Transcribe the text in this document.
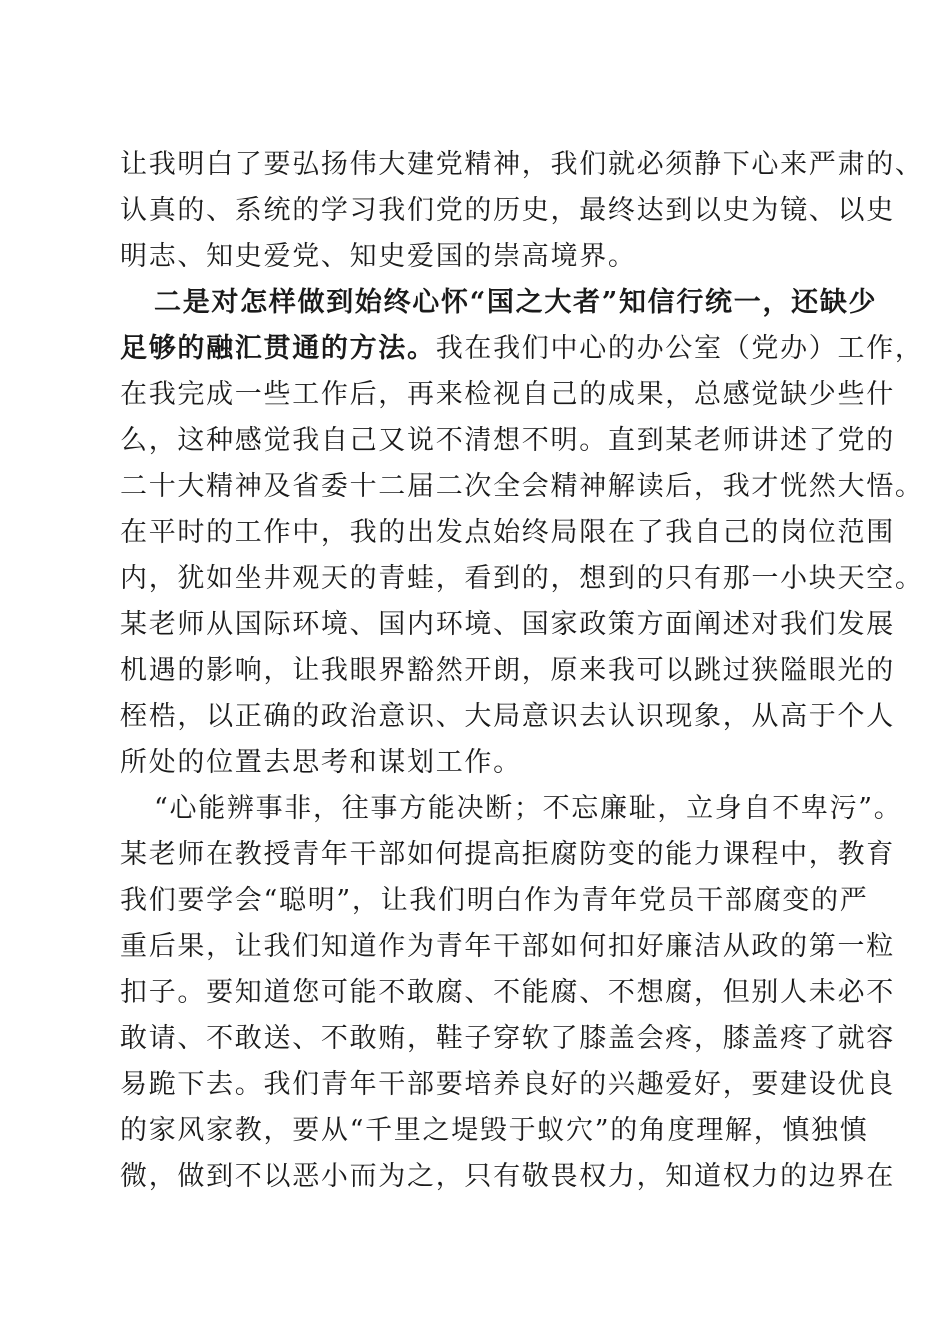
让我明白了要弘扬伟大建党精神，我们就必须静下心来严肃的、
认真的、系统的学习我们党的历史，最终达到以史为镜、以史
明志、知史爱党、知史爱国的崇高境界。
二是对怎样做到始终心怀“国之大者”知信行统一，还缺少
足够的融汇贯通的方法。我在我们中心的办公室（党办）工作，
在我完成一些工作后，再来检视自己的成果，总感觉缺少些什
么，这种感觉我自己又说不清想不明。直到某老师讲述了党的
二十大精神及省委十二届二次全会精神解读后，我才恍然大悟。
在平时的工作中，我的出发点始终局限在了我自己的岗位范围
内，犹如坐井观天的青蛙，看到的，想到的只有那一小块天空。
某老师从国际环境、国内环境、国家政策方面阐述对我们发展
机遇的影响，让我眼界豁然开朗，原来我可以跳过狭隘眼光的
桎梏，以正确的政治意识、大局意识去认识现象，从高于个人
所处的位置去思考和谋划工作。
“心能辨事非，往事方能决断；不忘廉耻，立身自不卑污”。
某老师在教授青年干部如何提高拒腐防变的能力课程中，教育
我们要学会“聪明”，让我们明白作为青年党员干部腐变的严
重后果，让我们知道作为青年干部如何扣好廉洁从政的第一粒
扣子。要知道您可能不敢腐、不能腐、不想腐，但别人未必不
敢请、不敢送、不敢贿，鞋子穿软了膝盖会疼，膝盖疼了就容
易跪下去。我们青年干部要培养良好的兴趣爱好，要建设优良
的家风家教，要从“千里之堤毁于蚁穴”的角度理解，慎独慎
微，做到不以恶小而为之，只有敬畏权力，知道权力的边界在
